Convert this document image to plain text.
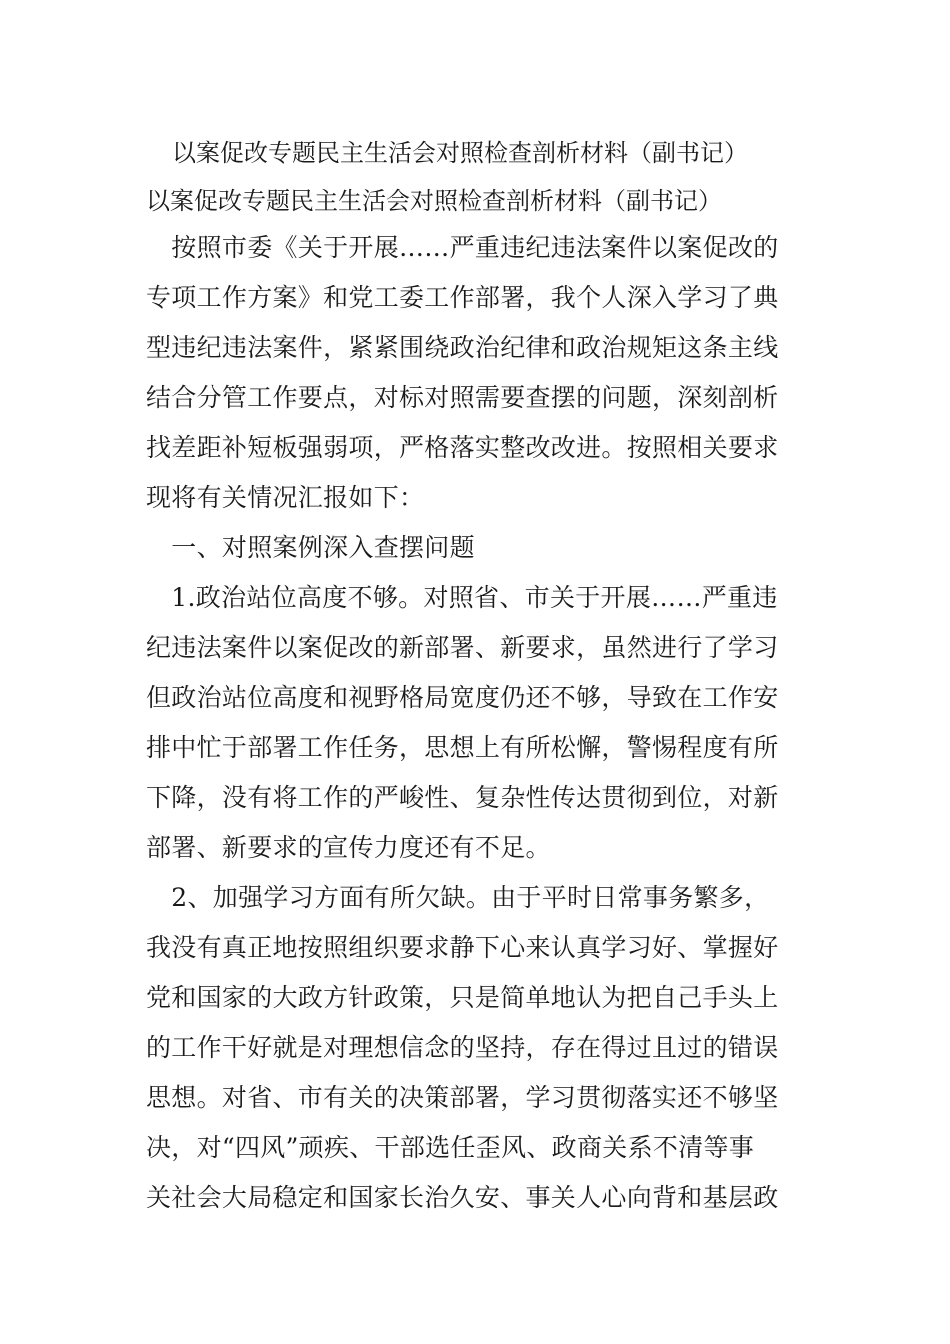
以案促改专题民主生活会对照检查剖析材料（副书记）
以案促改专题民主生活会对照检查剖析材料（副书记）
　按照市委《关于开展……严重违纪违法案件以案促改的
专项工作方案》和党工委工作部署，我个人深入学习了典
型违纪违法案件，紧紧围绕政治纪律和政治规矩这条主线
结合分管工作要点，对标对照需要查摆的问题，深刻剖析
找差距补短板强弱项，严格落实整改改进。按照相关要求
现将有关情况汇报如下：
　一、对照案例深入查摆问题
　1.政治站位高度不够。对照省、市关于开展……严重违
纪违法案件以案促改的新部署、新要求，虽然进行了学习
但政治站位高度和视野格局宽度仍还不够，导致在工作安
排中忙于部署工作任务，思想上有所松懈，警惕程度有所
下降，没有将工作的严峻性、复杂性传达贯彻到位，对新
部署、新要求的宣传力度还有不足。
　2、加强学习方面有所欠缺。由于平时日常事务繁多，
我没有真正地按照组织要求静下心来认真学习好、掌握好
党和国家的大政方针政策，只是简单地认为把自己手头上
的工作干好就是对理想信念的坚持，存在得过且过的错误
思想。对省、市有关的决策部署，学习贯彻落实还不够坚
决，对“四风”顽疾、干部选任歪风、政商关系不清等事
关社会大局稳定和国家长治久安、事关人心向背和基层政
